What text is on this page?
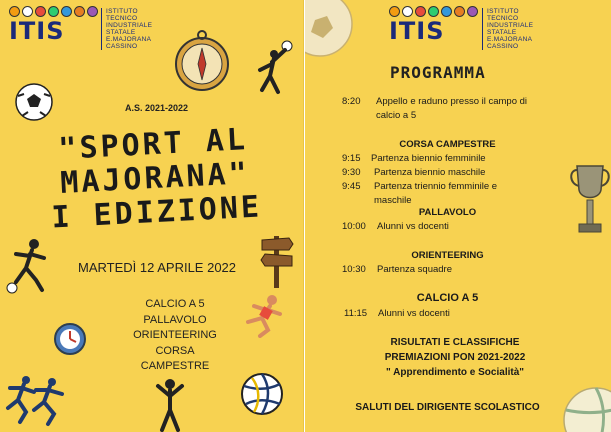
ITIS
ISTITUTO
TECNICO
INDUSTRIALE
STATALE
E.MAJORANA
CASSINO
A.S. 2021-2022
"SPORT AL
MAJORANA"
I EDIZIONE
MARTEDÌ 12 APRILE 2022
CALCIO A 5
PALLAVOLO
ORIENTEERING
CORSA CAMPESTRE
ITIS
ISTITUTO
TECNICO
INDUSTRIALE
STATALE
E.MAJORANA
CASSINO
PROGRAMMA
8:20 Appello e raduno presso il campo di
calcio a 5
CORSA CAMPESTRE
9:15 Partenza biennio femminile
9:30 Partenza biennio maschile
9:45 Partenza triennio femminile e
maschile
PALLAVOLO
10:00 Alunni vs docenti
ORIENTEERING
10:30 Partenza squadre
CALCIO A 5
11:15 Alunni vs docenti
RISULTATI E CLASSIFICHE
PREMIAZIONI PON 2021-2022
" Apprendimento e Socialità"
SALUTI DEL DIRIGENTE SCOLASTICO
